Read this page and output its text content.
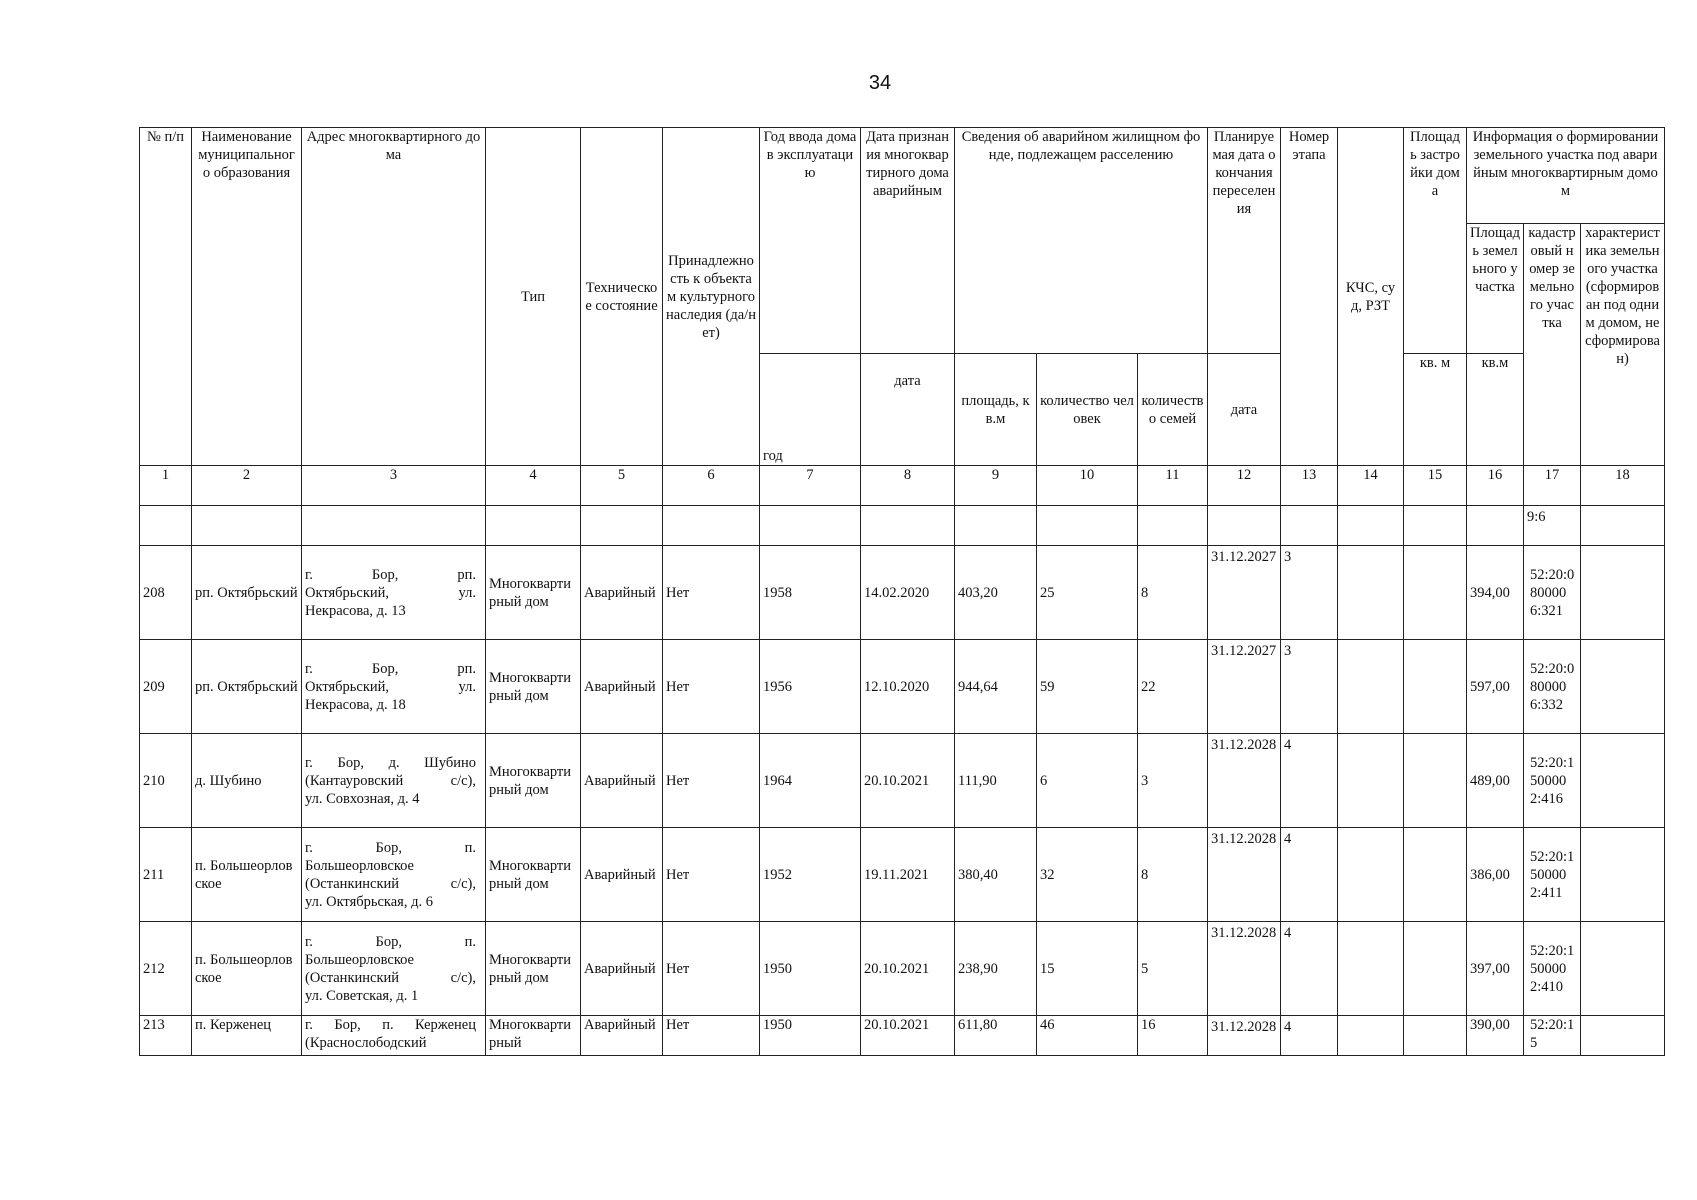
34
№ п/п	Наименование муниципального образования	Адрес многоквартирного дома	Тип	Техническое состояние	Принадлежность к объектам культурного наследия (да/нет)	Год ввода дома в эксплуатацию	Дата признания многоквартирного дома аварийным	Сведения об аварийном жилищном фонде, подлежащем расселению			Планируемая дата окончания переселения	Номер этапа	КЧС, суд, РЗТ	Площадь застройки дома	Информация о формировании земельного участка под аварийным многоквартирным домом		
															Площадь земельного участка	кадастровый номер земельного участка	характеристика земельного участка (сформирован под одним домом, не сформирован)
						год	дата	площадь, кв.м	количество человек	количество семей	дата			кв. м	кв.м		
1	2	3	4	5	6	7	8	9	10	11	12	13	14	15	16	17	18
																9:6	
208	рп. Октябрьский	г. Бор, рп.
Октябрьский, ул.
Некрасова, д. 13	Многоквартирный дом	Аварийный	Нет	1958	14.02.2020	403,20	25	8	31.12.2027	3			394,00	52:20:0800006:321	
209	рп. Октябрьский	г. Бор, рп.
Октябрьский, ул.
Некрасова, д. 18	Многоквартирный дом	Аварийный	Нет	1956	12.10.2020	944,64	59	22	31.12.2027	3			597,00	52:20:0800006:332	
210	д. Шубино	г. Бор, д. Шубино
(Кантауровский с/с),
ул. Совхозная, д. 4	Многоквартирный дом	Аварийный	Нет	1964	20.10.2021	111,90	6	3	31.12.2028	4			489,00	52:20:1500002:416	
211	п. Большеорловское	г. Бор, п.
Большеорловское
(Останкинский с/с),
ул. Октябрьская, д. 6	Многоквартирный дом	Аварийный	Нет	1952	19.11.2021	380,40	32	8	31.12.2028	4			386,00	52:20:1500002:411	
212	п. Большеорловское	г. Бор, п.
Большеорловское
(Останкинский с/с),
ул. Советская, д. 1	Многоквартирный дом	Аварийный	Нет	1950	20.10.2021	238,90	15	5	31.12.2028	4			397,00	52:20:1500002:410	
213	п. Керженец	г. Бор, п. Керженец
(Краснослободский	Многоквартирный	Аварийный	Нет	1950	20.10.2021	611,80	46	16	31.12.2028	4			390,00	52:20:15	
